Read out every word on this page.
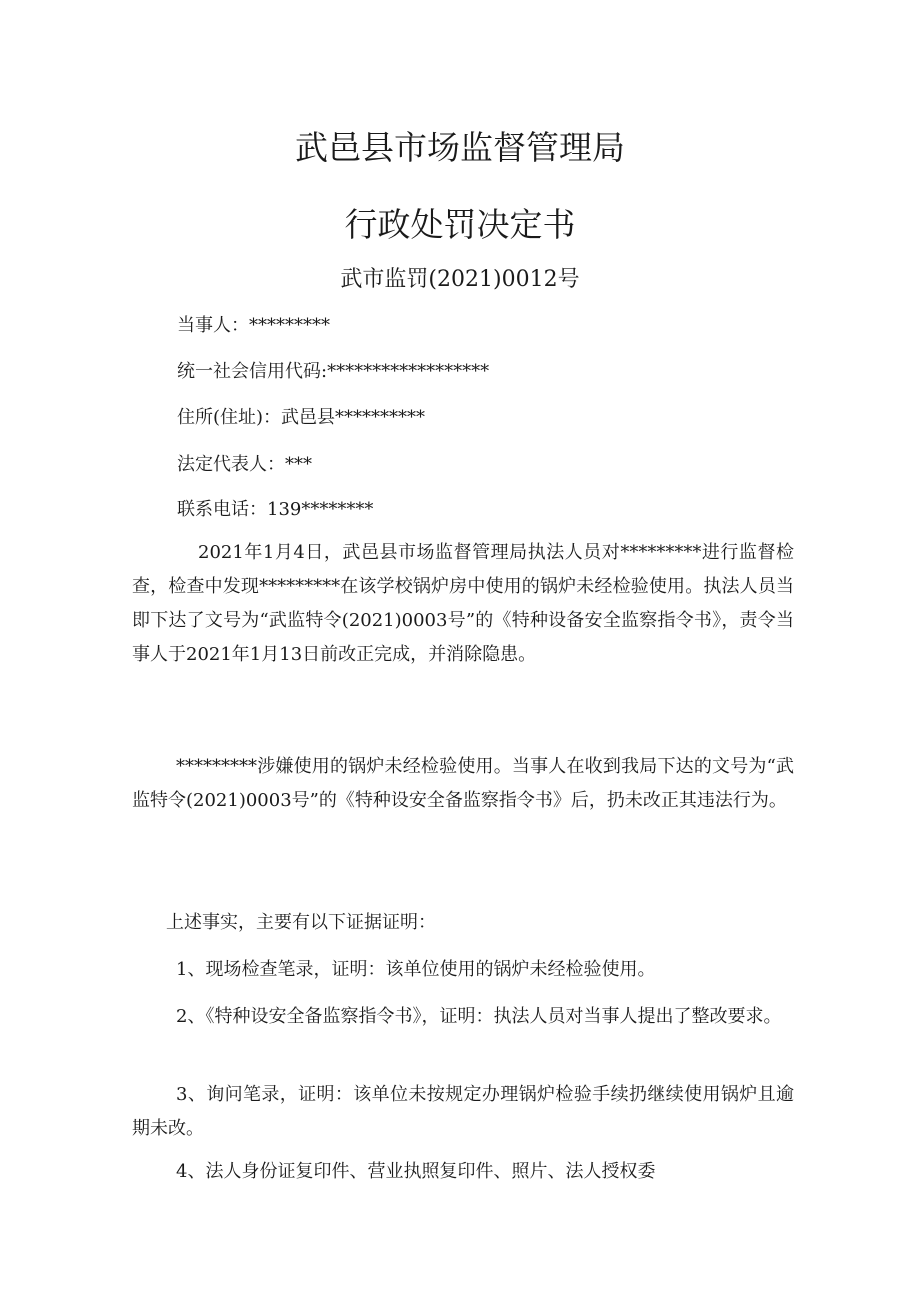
武邑县市场监督管理局
行政处罚决定书
武市监罚(2021)0012号
当事人：*********
统一社会信用代码:******************
住所(住址)：武邑县**********
法定代表人：***
联系电话：139********
2021年1月4日，武邑县市场监督管理局执法人员对*********进行监督检查，检查中发现*********在该学校锅炉房中使用的锅炉未经检验使用。执法人员当即下达了文号为“武监特令(2021)0003号”的《特种设备安全监察指令书》，责令当事人于2021年1月13日前改正完成，并消除隐患。
*********涉嫌使用的锅炉未经检验使用。当事人在收到我局下达的文号为“武监特令(2021)0003号”的《特种设安全备监察指令书》后，扔未改正其违法行为。
上述事实，主要有以下证据证明：
1、现场检查笔录，证明：该单位使用的锅炉未经检验使用。
2、《特种设安全备监察指令书》，证明：执法人员对当事人提出了整改要求。
3、询问笔录，证明：该单位未按规定办理锅炉检验手续扔继续使用锅炉且逾期未改。
4、法人身份证复印件、营业执照复印件、照片、法人授权委
